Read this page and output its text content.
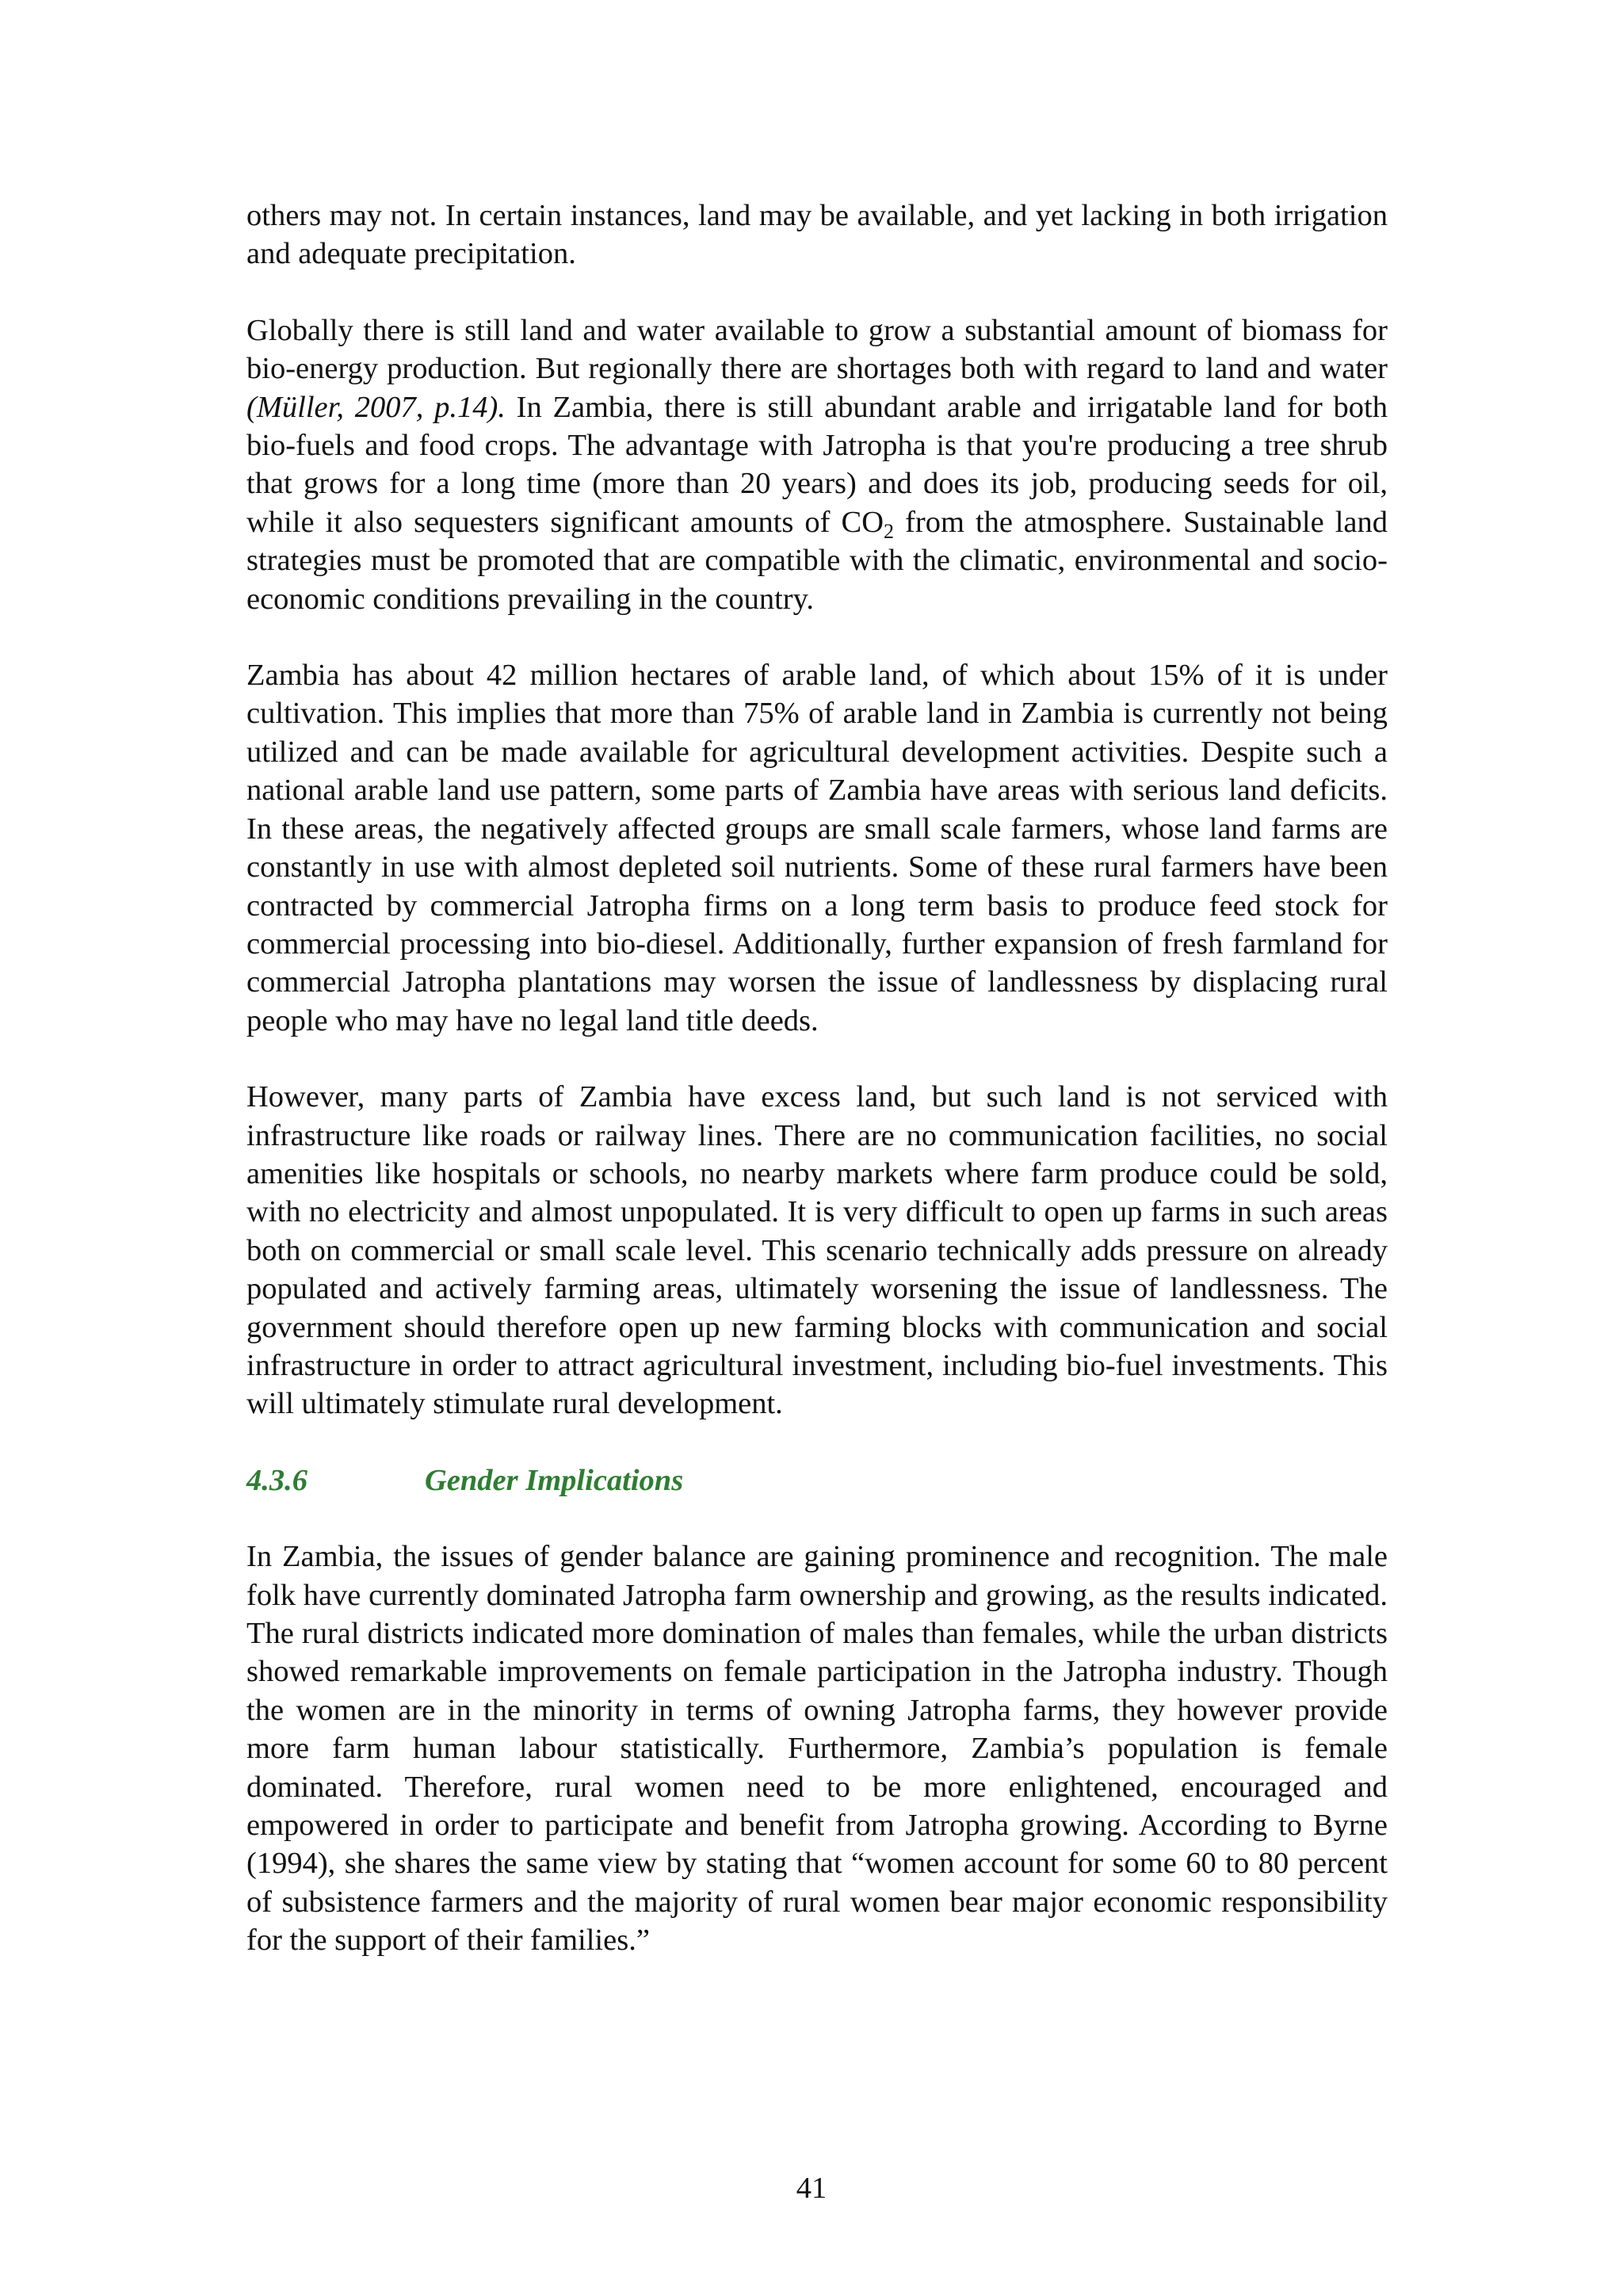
others may not. In certain instances, land may be available, and yet lacking in both irrigation and adequate precipitation.

Globally there is still land and water available to grow a substantial amount of biomass for bio-energy production. But regionally there are shortages both with regard to land and water (Müller, 2007, p.14). In Zambia, there is still abundant arable and irrigatable land for both bio-fuels and food crops. The advantage with Jatropha is that you're producing a tree shrub that grows for a long time (more than 20 years) and does its job, producing seeds for oil, while it also sequesters significant amounts of $CO_2$ from the atmosphere. Sustainable land strategies must be promoted that are compatible with the climatic, environmental and socio-economic conditions prevailing in the country.

Zambia has about 42 million hectares of arable land, of which about 15% of it is under cultivation. This implies that more than 75% of arable land in Zambia is currently not being utilized and can be made available for agricultural development activities. Despite such a national arable land use pattern, some parts of Zambia have areas with serious land deficits. In these areas, the negatively affected groups are small scale farmers, whose land farms are constantly in use with almost depleted soil nutrients. Some of these rural farmers have been contracted by commercial Jatropha firms on a long term basis to produce feed stock for commercial processing into bio-diesel. Additionally, further expansion of fresh farmland for commercial Jatropha plantations may worsen the issue of landlessness by displacing rural people who may have no legal land title deeds.

However, many parts of Zambia have excess land, but such land is not serviced with infrastructure like roads or railway lines. There are no communication facilities, no social amenities like hospitals or schools, no nearby markets where farm produce could be sold, with no electricity and almost unpopulated. It is very difficult to open up farms in such areas both on commercial or small scale level. This scenario technically adds pressure on already populated and actively farming areas, ultimately worsening the issue of landlessness. The government should therefore open up new farming blocks with communication and social infrastructure in order to attract agricultural investment, including bio-fuel investments. This will ultimately stimulate rural development.

4.3.6	Gender Implications

In Zambia, the issues of gender balance are gaining prominence and recognition. The male folk have currently dominated Jatropha farm ownership and growing, as the results indicated. The rural districts indicated more domination of males than females, while the urban districts showed remarkable improvements on female participation in the Jatropha industry. Though the women are in the minority in terms of owning Jatropha farms, they however provide more farm human labour statistically. Furthermore, Zambia’s population is female dominated. Therefore, rural women need to be more enlightened, encouraged and empowered in order to participate and benefit from Jatropha growing. According to Byrne (1994), she shares the same view by stating that “women account for some 60 to 80 percent of subsistence farmers and the majority of rural women bear major economic responsibility for the support of their families.”

41
